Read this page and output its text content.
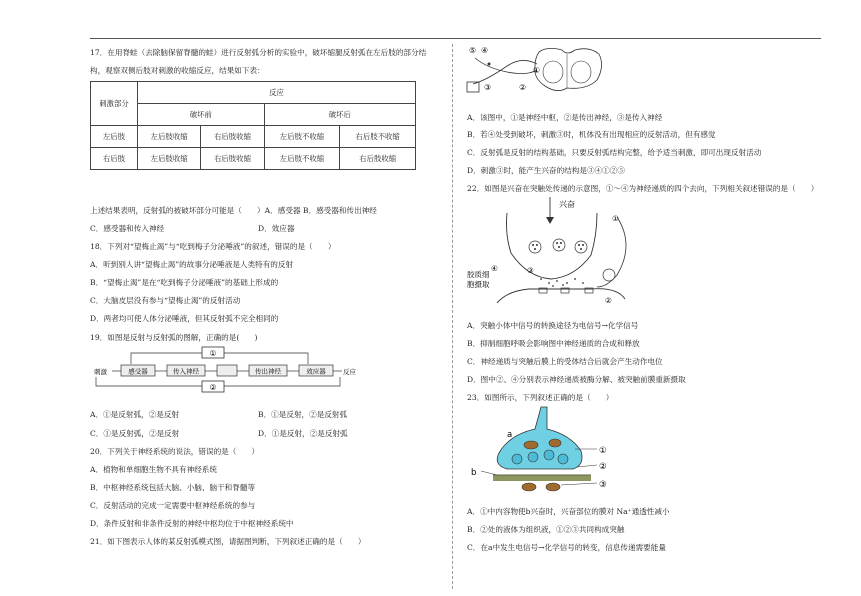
17．在用脊蛙（去除脑保留脊髓的蛙）进行反射弧分析的实验中，破坏缩腿反射弧在左后肢的部分结

构，观察双侧后肢对刺激的收缩反应，结果如下表：

刺激部分	反应			
	破坏前		破坏后	
左后肢	左后肢收缩	右后肢收缩	左后肢不收缩	右后肢不收缩
右后肢	左后肢收缩	右后肢收缩	左后肢不收缩	右后肢收缩

上述结果表明，反射弧的被破坏部分可能是（　　）A．感受器 B．感受器和传出神经

C．感受器和传入神经	D．效应器

18．下列对“望梅止渴”与“吃到梅子分泌唾液”的叙述，错误的是（　　）

A．听到别人讲“望梅止渴”的故事分泌唾液是人类特有的反射

B．“望梅止渴”是在“吃到梅子分泌唾液”的基础上形成的

C．大脑皮层没有参与“望梅止渴”的反射活动

D．两者均可使人体分泌唾液，但其反射弧不完全相同的

19．如图是反射与反射弧的图解，正确的是(　　)

①
②
刺激	感受器	传入神经	传出神经	效应器	反应

A．①是反射弧，②是反射	B．①是反射，②是反射弧

C．①是反射弧，②是反射	D．①是反射，②是反射弧

20．下列关于神经系统的说法，错误的是（　　）

A．植物和单细胞生物不具有神经系统

B．中枢神经系统包括大脑、小脑、脑干和脊髓等

C．反射活动的完成一定需要中枢神经系统的参与

D．条件反射和非条件反射的神经中枢均位于中枢神经系统中

21．如下图表示人体的某反射弧模式图，请据图判断，下列叙述正确的是（　　）

⑤ ④
③
①
②

A．该图中，①是神经中枢，②是传出神经，③是传入神经

B．若④处受到破坏，刺激③时，机体没有出现相应的反射活动，但有感觉

C．反射弧是反射的结构基础，只要反射弧结构完整，给予适当刺激，即可出现反射活动

D．刺激③时，能产生兴奋的结构是③④①②⑤

22．如图是兴奋在突触处传递的示意图，①～④为神经递质的四个去向，下列相关叙述错误的是（　　）

兴奋
①
②
③
④
胶质细
胞摄取

A．突触小体中信号的转换途径为电信号→化学信号

B．抑制细胞呼吸会影响图中神经递质的合成和释放

C．神经递质与突触后膜上的受体结合后就会产生动作电位

D．图中②、④分别表示神经递质被酶分解、被突触前膜重新摄取

23．如图所示，下列叙述正确的是（　　）

a
b
①
②
③

A．①中内容物使b兴奋时，兴奋部位的膜对 Na⁺通透性减小

B．②处的液体为组织液，①②③共同构成突触

C．在a中发生电信号→化学信号的转变，信息传递需要能量
